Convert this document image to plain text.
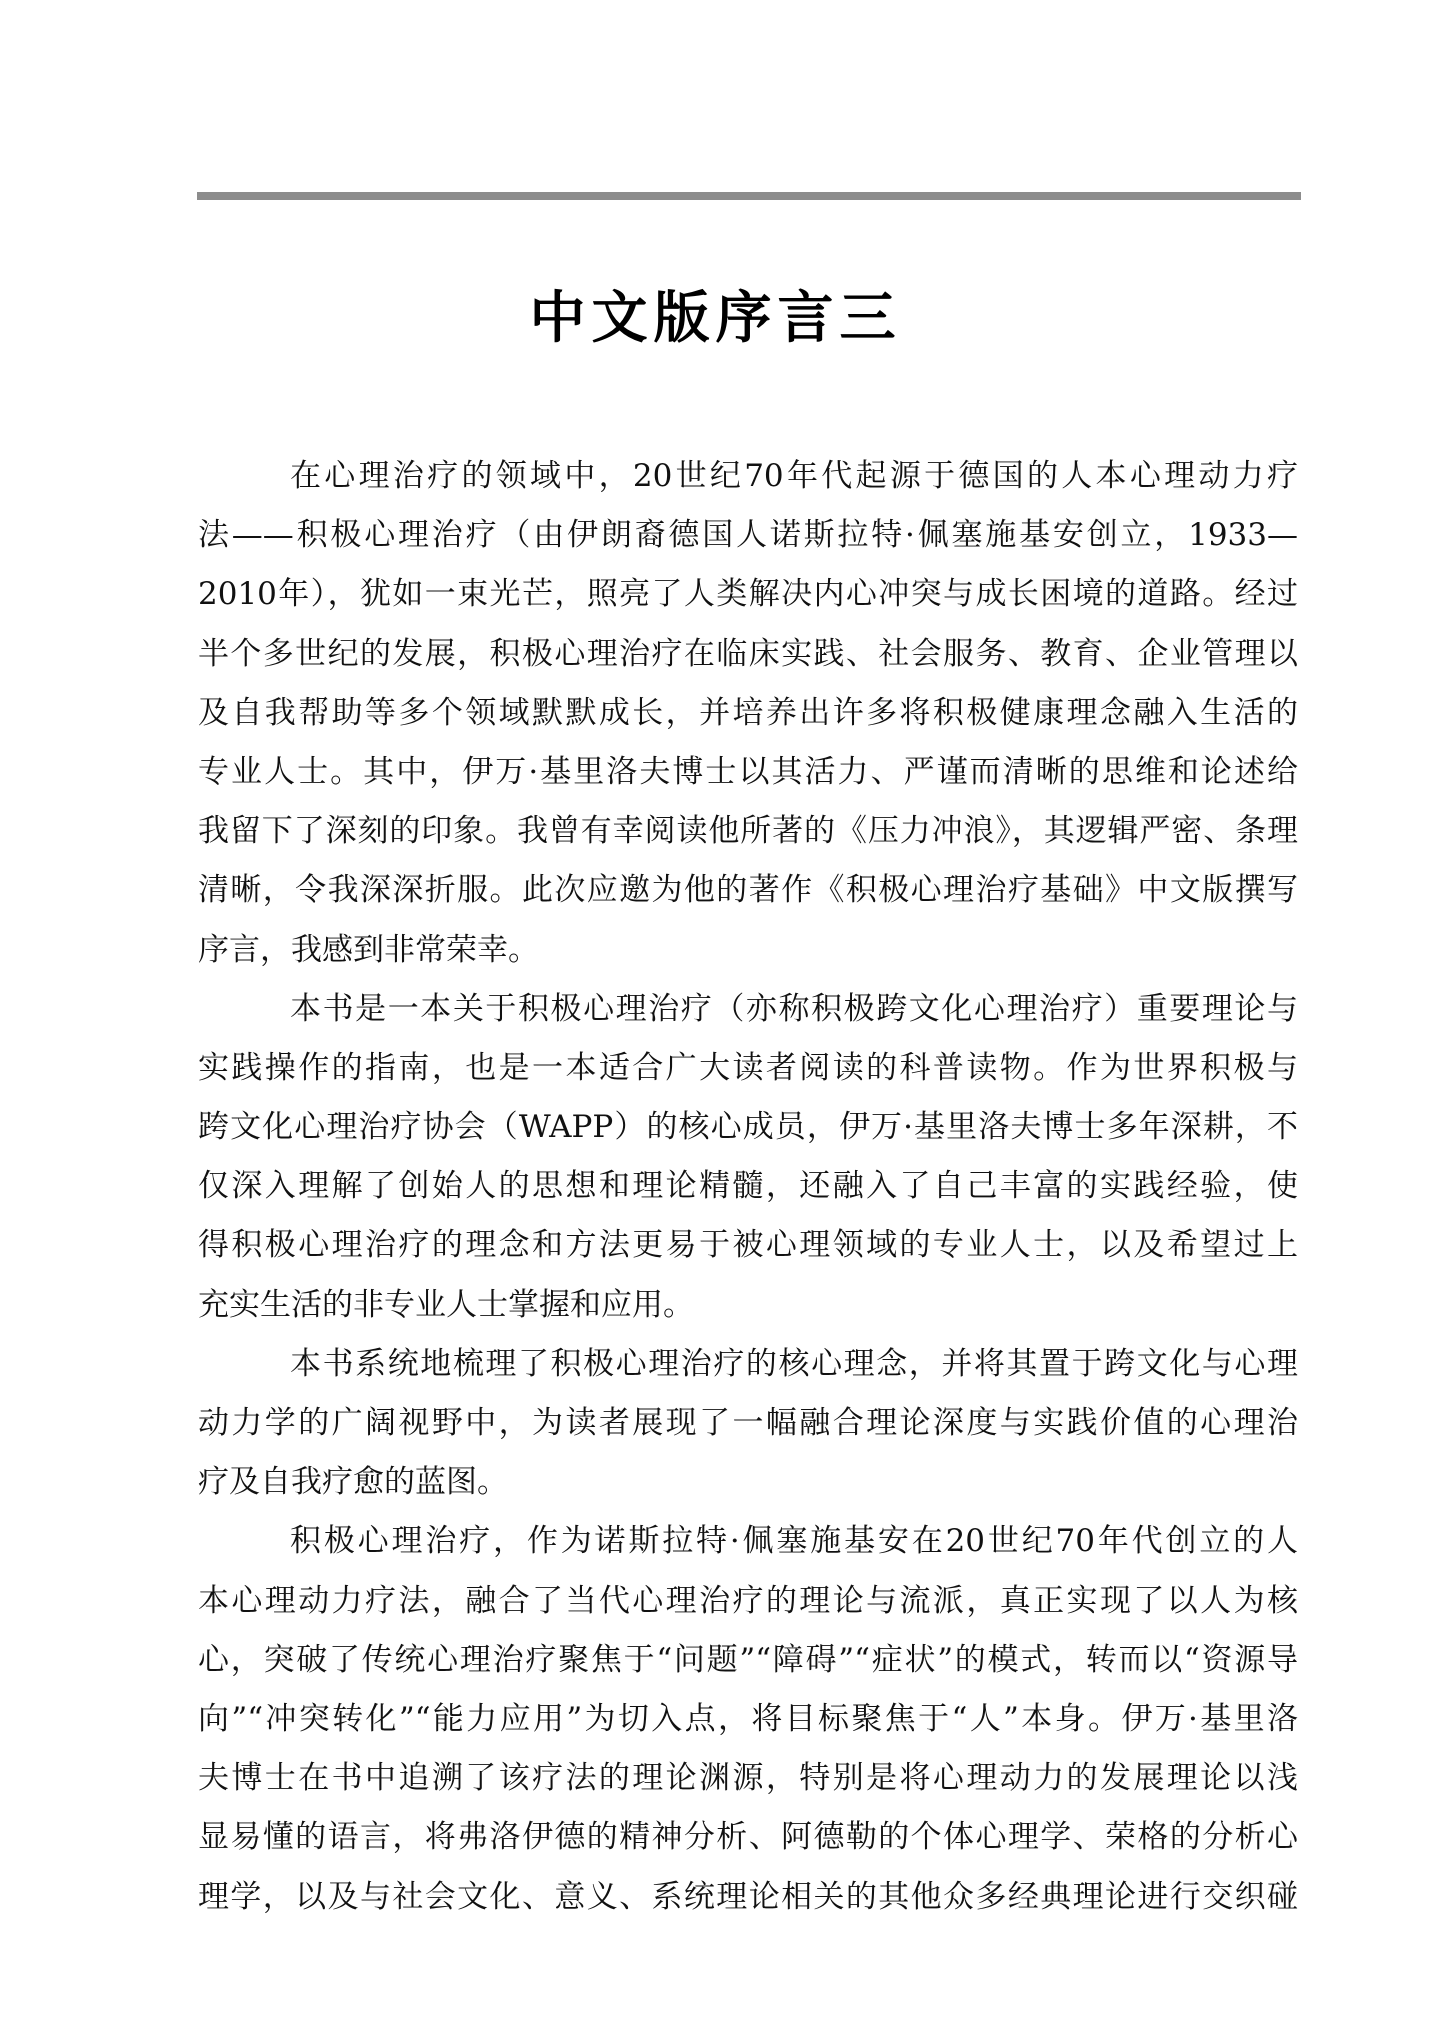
中文版序言三
在心理治疗的领域中，20世纪70年代起源于德国的人本心理动力疗
法——积极心理治疗（由伊朗裔德国人诺斯拉特·佩塞施基安创立，1933—
2010年），犹如一束光芒，照亮了人类解决内心冲突与成长困境的道路。经过
半个多世纪的发展，积极心理治疗在临床实践、社会服务、教育、企业管理以
及自我帮助等多个领域默默成长，并培养出许多将积极健康理念融入生活的
专业人士。其中，伊万·基里洛夫博士以其活力、严谨而清晰的思维和论述给
我留下了深刻的印象。我曾有幸阅读他所著的《压力冲浪》，其逻辑严密、条理
清晰，令我深深折服。此次应邀为他的著作《积极心理治疗基础》中文版撰写
序言，我感到非常荣幸。
本书是一本关于积极心理治疗（亦称积极跨文化心理治疗）重要理论与
实践操作的指南，也是一本适合广大读者阅读的科普读物。作为世界积极与
跨文化心理治疗协会（WAPP）的核心成员，伊万·基里洛夫博士多年深耕，不
仅深入理解了创始人的思想和理论精髓，还融入了自己丰富的实践经验，使
得积极心理治疗的理念和方法更易于被心理领域的专业人士，以及希望过上
充实生活的非专业人士掌握和应用。
本书系统地梳理了积极心理治疗的核心理念，并将其置于跨文化与心理
动力学的广阔视野中，为读者展现了一幅融合理论深度与实践价值的心理治
疗及自我疗愈的蓝图。
积极心理治疗，作为诺斯拉特·佩塞施基安在20世纪70年代创立的人
本心理动力疗法，融合了当代心理治疗的理论与流派，真正实现了以人为核
心，突破了传统心理治疗聚焦于“问题”“障碍”“症状”的模式，转而以“资源导
向”“冲突转化”“能力应用”为切入点，将目标聚焦于“人”本身。伊万·基里洛
夫博士在书中追溯了该疗法的理论渊源，特别是将心理动力的发展理论以浅
显易懂的语言，将弗洛伊德的精神分析、阿德勒的个体心理学、荣格的分析心
理学，以及与社会文化、意义、系统理论相关的其他众多经典理论进行交织碰
